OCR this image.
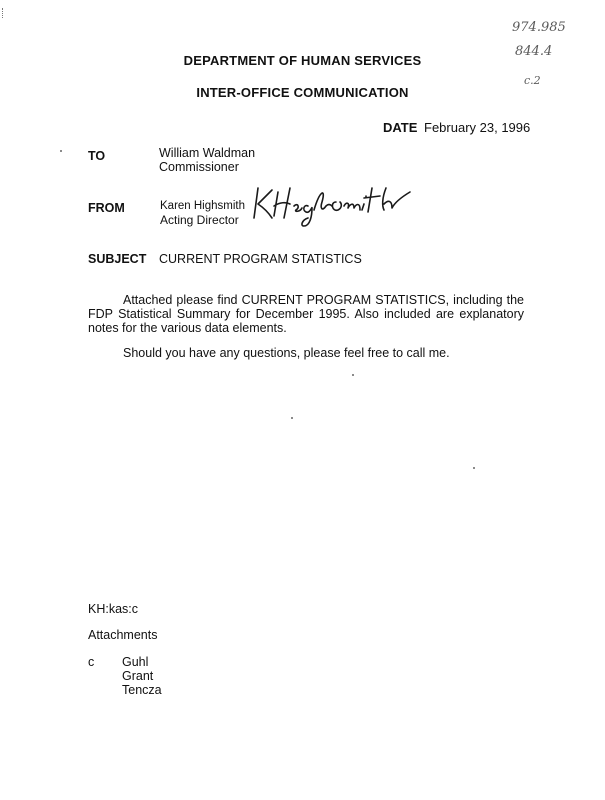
974.985
844.4
c.2
DEPARTMENT OF HUMAN SERVICES
INTER-OFFICE COMMUNICATION
DATE February 23, 1996
TO	William Waldman
Commissioner
FROM	Karen Highsmith
Acting Director
SUBJECT CURRENT PROGRAM STATISTICS
Attached please find CURRENT PROGRAM STATISTICS, including the FDP Statistical Summary for December 1995. Also included are explanatory notes for the various data elements.
Should you have any questions, please feel free to call me.
KH:kas:c
Attachments
c Guhl
Grant
Tencza
